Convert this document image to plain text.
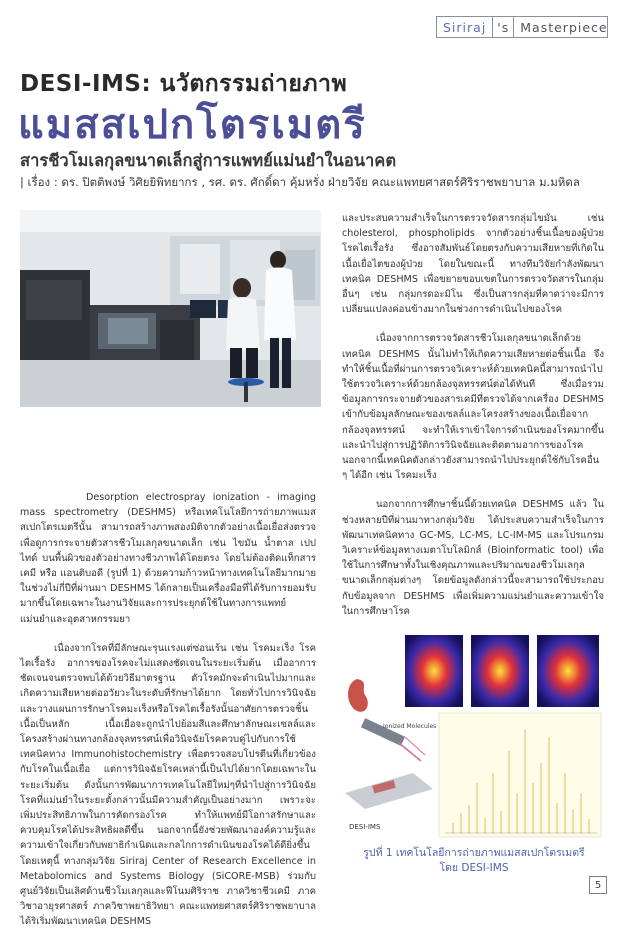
Siriraj 's Masterpiece
DESI-IMS: นวัตกรรมถ่ายภาพ
แมสสเปกโตรเมตรี
สารชีวโมเลกุลขนาดเล็กสู่การแพทย์แม่นยำในอนาคต
| เรื่อง : ดร. ปิตติพงษ์ วิศิยยิพิทยากร , รศ. ดร. ศักดิ์ดา คุ้มหรั่ง ฝ่ายวิจัย คณะแพทยศาสตร์ศิริราชพยาบาล ม.มหิดล

Desorption electrospray ionization - imaging mass spectrometry (DESHMS) หรือเทคโนโลยีการถ่ายภาพแมสสเปกโตรเมตรีนั้น สามารถสร้างภาพสองมิติจากตัวอย่างเนื้อเยื่อส่งตรวจเพื่อดูการกระจายตัวสารชีวโมเลกุลขนาดเล็ก เช่น ไขมัน น้ำตาล เปปไทด์ บนพื้นผิวของตัวอย่างทางชีวภาพได้โดยตรง โดยไม่ต้องติดแท็กสารเคมี หรือ แอนติบอดี (รูปที่ 1) ด้วยความก้าวหน้าทางเทคโนโลยีมากมายในช่วงไม่กี่ปีที่ผ่านมา DESHMS ได้กลายเป็นเครื่องมือที่ได้รับการยอมรับมากขึ้นโดยเฉพาะในงานวิจัยและการประยุกต์ใช้ในทางการแพทย์แม่นยำและอุตสาหกรรมยา

เนื่องจากโรคที่มีลักษณะรุนแรงแต่ซ่อนเร้น เช่น โรคมะเร็ง โรคไตเรื้อรัง อาการของโรคจะไม่แสดงชัดเจนในระยะเริ่มต้น เมื่ออาการชัดเจนจนตรวจพบได้ด้วยวิธีมาตรฐาน ตัวโรคมักจะดำเนินไปมากและเกิดความเสียหายต่ออวัยวะในระดับที่รักษาได้ยาก โดยทั่วไปการวินิจฉัยและวางแผนการรักษาโรคมะเร็งหรือโรคไตเรื้อรังนั้นอาศัยการตรวจชิ้นเนื้อเป็นหลัก เนื้อเยื่อจะถูกนำไปย้อมสีและศึกษาลักษณะเซลล์และโครงสร้างผ่านทางกล้องจุลทรรศน์เพื่อวินิจฉัยโรคควบคู่ไปกับการใช้เทคนิคทาง Immunohistochemistry เพื่อตรวจสอบโปรตีนที่เกี่ยวข้องกับโรคในเนื้อเยื่อ แต่การวินิจฉัยโรคเหล่านี้เป็นไปได้ยากโดยเฉพาะในระยะเริ่มต้น ดังนั้นการพัฒนาการเทคโนโลยีใหม่ๆที่นำไปสู่การวินิจฉัยโรคที่แม่นยำในระยะตั้งกล่าวนั้นมีความสำคัญเป็นอย่างมาก เพราะจะเพิ่มประสิทธิภาพในการคัดกรองโรค ทำให้แพทย์มีโอกาสรักษาและควบคุมโรคได้ประสิทธิผลดีขึ้น นอกจากนี้ยังช่วยพัฒนาองค์ความรู้และความเข้าใจเกี่ยวกับพยาธิกำเนิดและกลไกการดำเนินของโรคได้ดียิ่งขึ้น โดยเหตุนี้ ทางกลุ่มวิจัย Siriraj Center of Research Excellence in Metabolomics and Systems Biology (SiCORE-MSB) ร่วมกับศูนย์วิจัยเป็นเลิศด้านชีวโมเลกุลและฟีโนมศิริราช ภาควิชาชีวเคมี ภาควิชาอายุรศาสตร์ ภาควิชาพยาธิวิทยา คณะแพทยศาสตร์ศิริราชพยาบาล ได้ริเริ่มพัฒนาเทคนิค DESHMS

และประสบความสำเร็จในการตรวจวัดสารกลุ่มไขมัน เช่น cholesterol, phospholipids จากตัวอย่างชิ้นเนื้อของผู้ป่วยโรคไตเรื้อรัง ซึ่งอาจสัมพันธ์โดยตรงกับความเสียหายที่เกิดในเนื้อเยื่อไตของผู้ป่วย โดยในขณะนี้ ทางทีมวิจัยกำลังพัฒนาเทคนิค DESHMS เพื่อขยายขอบเขตในการตรวจวัดสารในกลุ่มอื่นๆ เช่น กลุ่มกรดอะมิโน ซึ่งเป็นสารกลุ่มที่คาดว่าจะมีการเปลี่ยนแปลงค่อนข้างมากในช่วงการดำเนินไปของโรค

เนื่องจากการตรวจวัดสารชีวโมเลกุลขนาดเล็กด้วยเทคนิค DESHMS นั้นไม่ทำให้เกิดความเสียหายต่อชิ้นเนื้อ จึงทำให้ชิ้นเนื้อที่ผ่านการตรวจวิเคราะห์ด้วยเทคนิคนี้สามารถนำไปใช้ตรวจวิเคราะห์ด้วยกล้องจุลทรรศน์ต่อได้ทันที ซึ่งเมื่อรวมข้อมูลการกระจายตัวของสารเคมีที่ตรวจได้จากเครื่อง DESHMS เข้ากับข้อมูลลักษณะของเซลล์และโครงสร้างของเนื้อเยื่อจากกล้องจุลทรรศน์ จะทำให้เราเข้าใจการดำเนินของโรคมากขึ้น และนำไปสู่การปฏิวัติการวินิจฉัยและติดตามอาการของโรคนอกจากนี้เทคนิคดังกล่าวยังสามารถนำไปประยุกต์ใช้กับโรคอื่น ๆ ได้อีก เช่น โรคมะเร็ง

นอกจากการศึกษาชิ้นนี้ด้วยเทคนิค DESHMS แล้ว ในช่วงหลายปีที่ผ่านมาทางกลุ่มวิจัย ได้ประสบความสำเร็จในการพัฒนาเทคนิคทาง GC-MS, LC-MS, LC-IM-MS และโปรแกรมวิเคราะห์ข้อมูลทางเมตาโบโลมิกส์ (Bioinformatic tool) เพื่อใช้ในการศึกษาทั้งในเชิงคุณภาพและปริมาณของชีวโมเลกุลขนาดเล็กกลุ่มต่างๆ โดยข้อมูลดังกล่าวนี้จะสามารถใช้ประกอบกับข้อมูลจาก DESHMS เพื่อเพิ่มความแม่นยำและความเข้าใจในการศึกษาโรค

Ionized Molecules
DESI-IMS
รูปที่ 1 เทคโนโลยีการถ่ายภาพแมสสเปกโตรเมตรี
โดย DESI-IMS
5
